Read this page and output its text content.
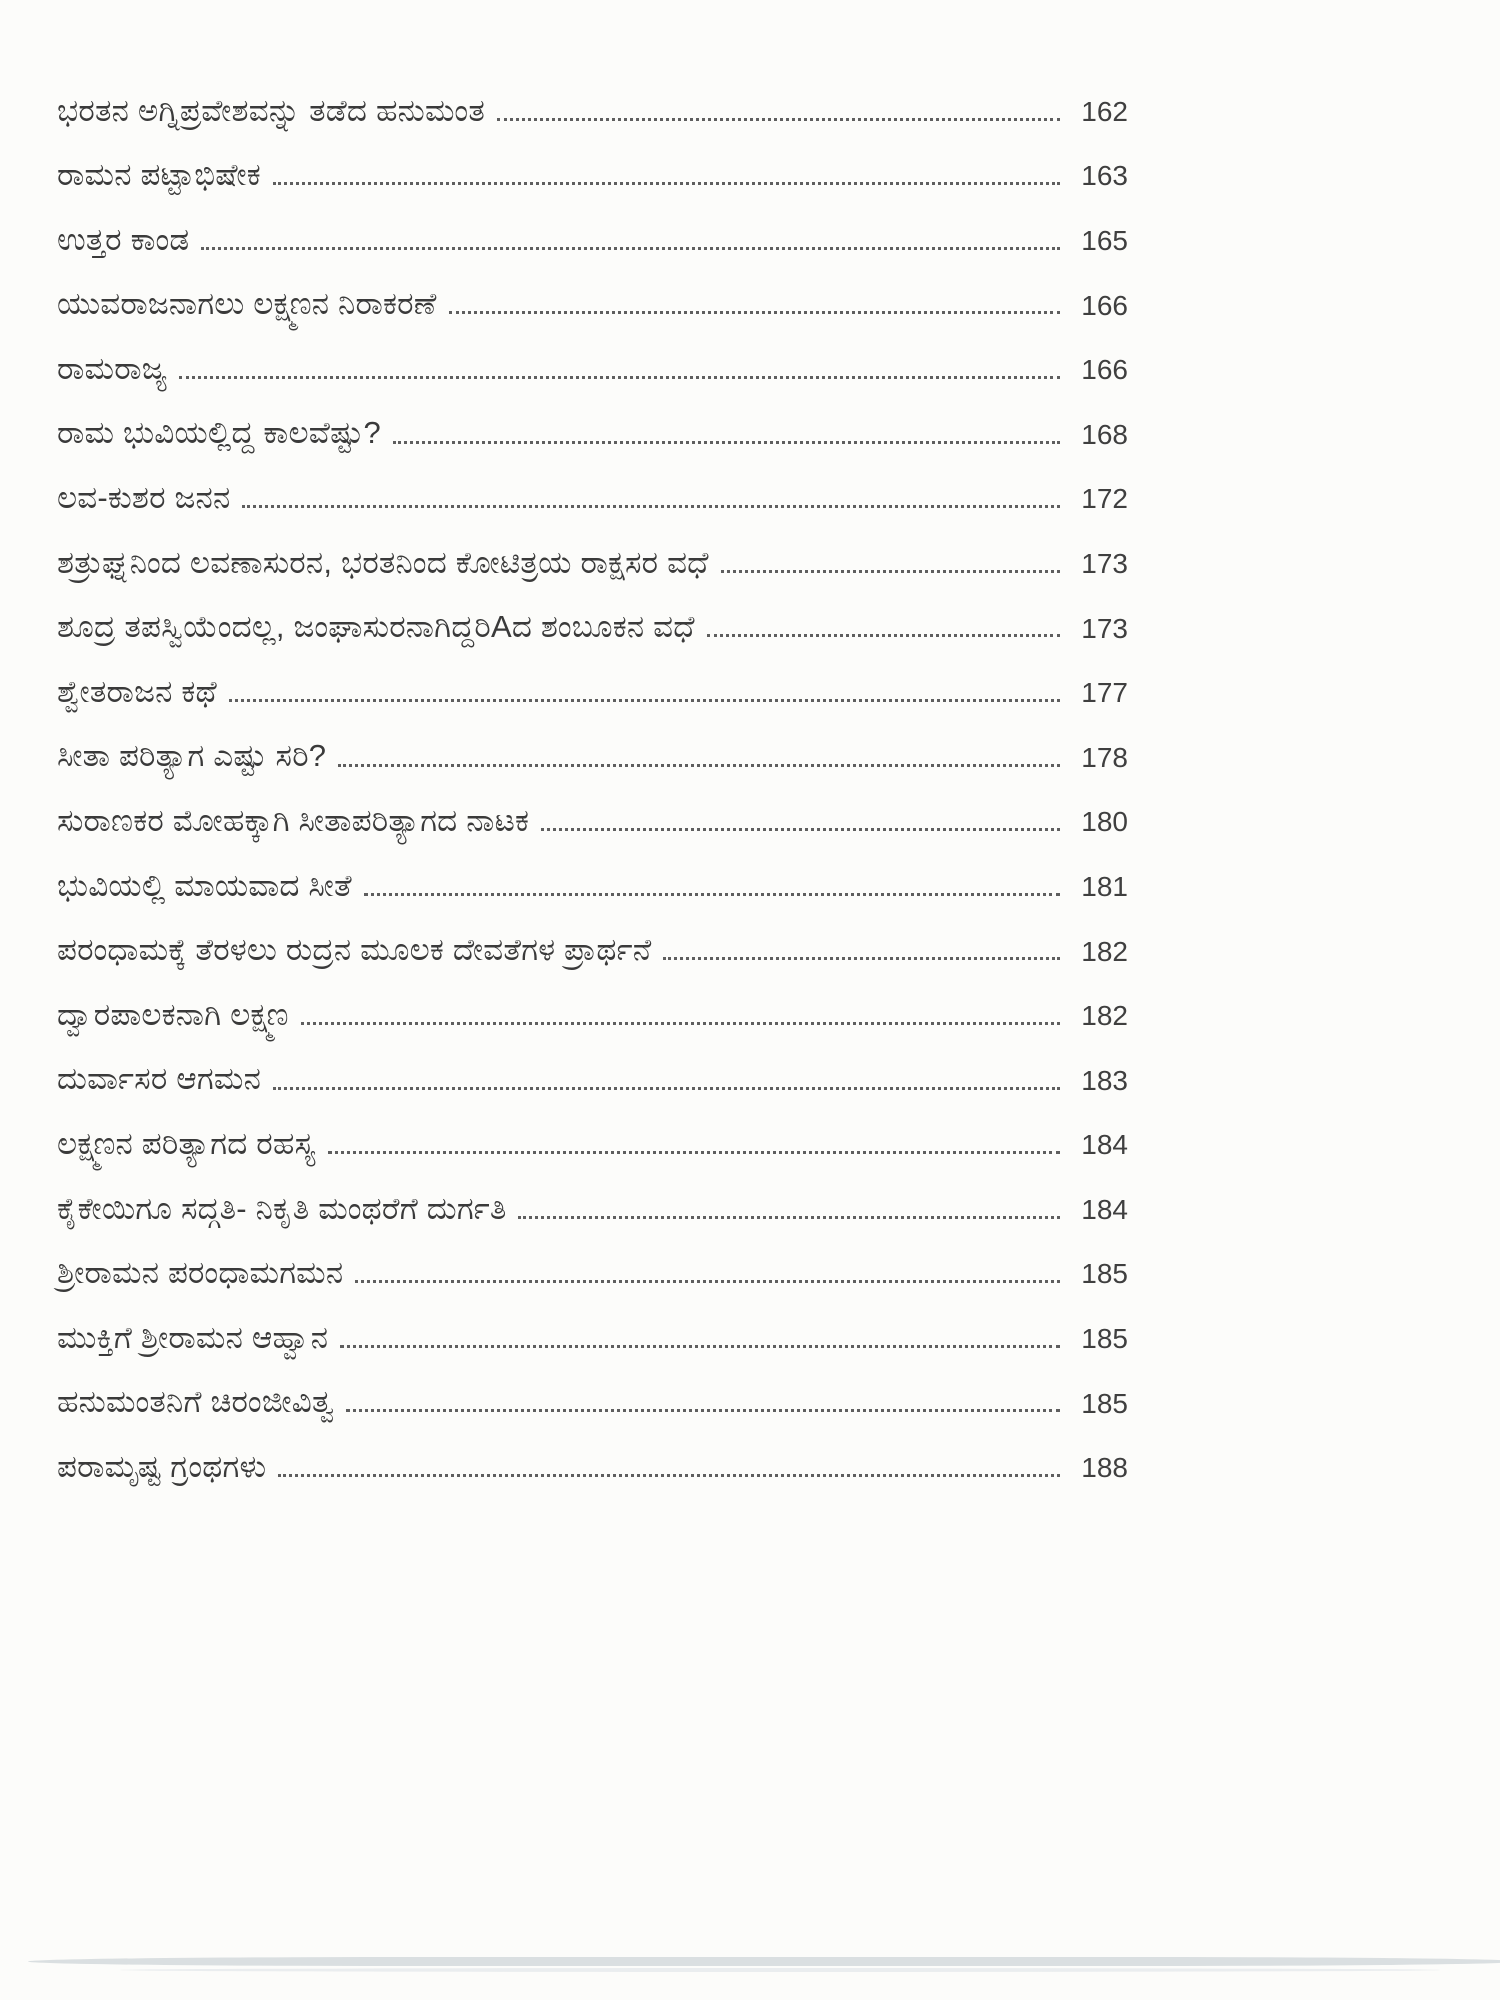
ಭರತನ ಅಗ್ನಿಪ್ರವೇಶವನ್ನು ತಡೆದ ಹನುಮಂತ	162
ರಾಮನ ಪಟ್ಟಾಭಿಷೇಕ	163
ಉತ್ತರ ಕಾಂಡ	165
ಯುವರಾಜನಾಗಲು ಲಕ್ಷ್ಮಣನ ನಿರಾಕರಣೆ	166
ರಾಮರಾಜ್ಯ	166
ರಾಮ ಭುವಿಯಲ್ಲಿದ್ದ ಕಾಲವೆಷ್ಟು?	168
ಲವ-ಕುಶರ ಜನನ	172
ಶತ್ರುಘ್ನನಿಂದ ಲವಣಾಸುರನ, ಭರತನಿಂದ ಕೋಟಿತ್ರಯ ರಾಕ್ಷಸರ ವಧೆ	173
ಶೂದ್ರ ತಪಸ್ವಿಯೆಂದಲ್ಲ, ಜಂಘಾಸುರನಾಗಿದ್ದರಿAದ ಶಂಬೂಕನ ವಧೆ	173
ಶ್ವೇತರಾಜನ ಕಥೆ	177
ಸೀತಾ ಪರಿತ್ಯಾಗ ಎಷ್ಟು ಸರಿ?	178
ಸುರಾಣಕರ ಮೋಹಕ್ಕಾಗಿ ಸೀತಾಪರಿತ್ಯಾಗದ ನಾಟಕ	180
ಭುವಿಯಲ್ಲಿ ಮಾಯವಾದ ಸೀತೆ	181
ಪರಂಧಾಮಕ್ಕೆ ತೆರಳಲು ರುದ್ರನ ಮೂಲಕ ದೇವತೆಗಳ ಪ್ರಾರ್ಥನೆ	182
ದ್ವಾರಪಾಲಕನಾಗಿ ಲಕ್ಷ್ಮಣ	182
ದುರ್ವಾಸರ ಆಗಮನ	183
ಲಕ್ಷ್ಮಣನ ಪರಿತ್ಯಾಗದ ರಹಸ್ಯ	184
ಕೈಕೇಯಿಗೂ ಸದ್ಗತಿ- ನಿಕೃತಿ ಮಂಥರೆಗೆ ದುರ್ಗತಿ	184
ಶ್ರೀರಾಮನ ಪರಂಧಾಮಗಮನ	185
ಮುಕ್ತಿಗೆ ಶ್ರೀರಾಮನ ಆಹ್ವಾನ	185
ಹನುಮಂತನಿಗೆ ಚಿರಂಜೀವಿತ್ವ	185
ಪರಾಮೃಷ್ಟ ಗ್ರಂಥಗಳು	188
